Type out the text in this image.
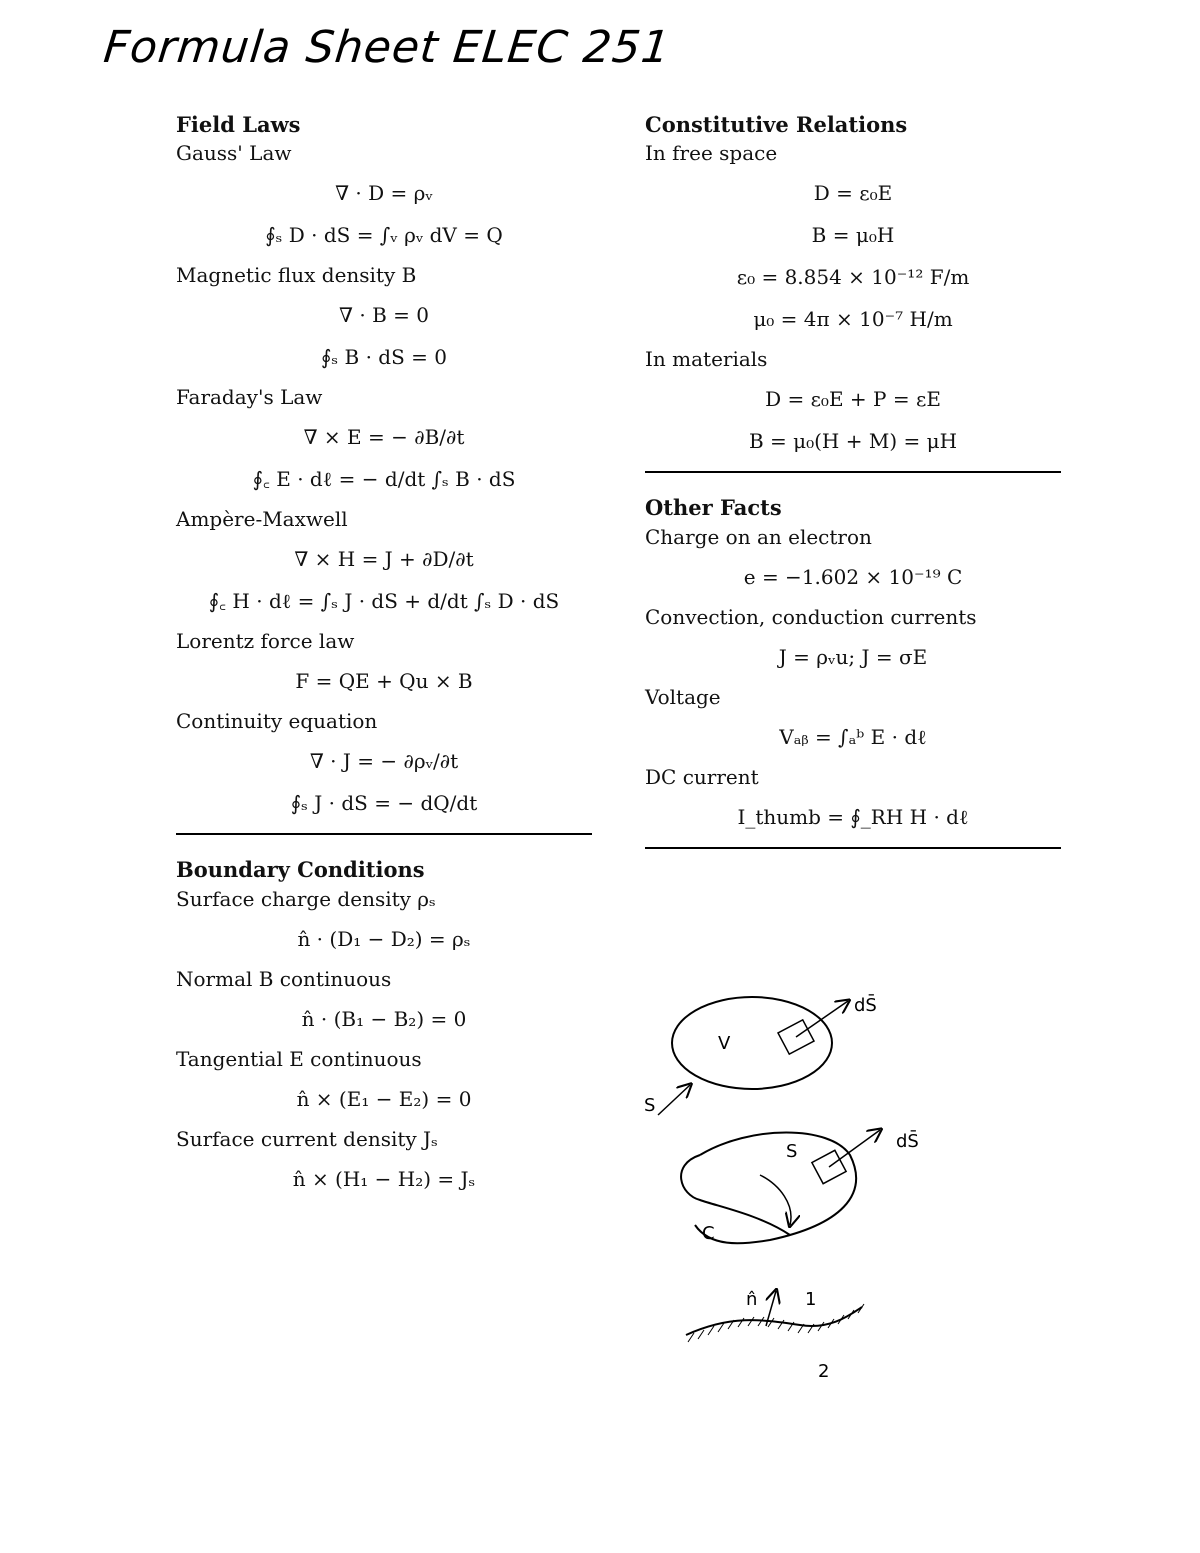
Formula Sheet ELEC 251

Field Laws

Gauss' Law

∇ · D = ρᵥ
∮ₛ D · dS = ∫ᵥ ρᵥ dV = Q

Magnetic flux density B

∇ · B = 0
∮ₛ B · dS = 0

Faraday's Law

∇ × E = − ∂B/∂t
∮꜀ E · dℓ = − d/dt ∫ₛ B · dS

Ampère-Maxwell

∇ × H = J + ∂D/∂t
∮꜀ H · dℓ = ∫ₛ J · dS + d/dt ∫ₛ D · dS

Lorentz force law

F = QE + Qu × B

Continuity equation

∇ · J = − ∂ρᵥ/∂t
∮ₛ J · dS = − dQ/dt

Boundary Conditions

Surface charge density ρₛ

n̂ · (D₁ − D₂) = ρₛ

Normal B continuous

n̂ · (B₁ − B₂) = 0

Tangential E continuous

n̂ × (E₁ − E₂) = 0

Surface current density Jₛ

n̂ × (H₁ − H₂) = Jₛ

Constitutive Relations

In free space

D = ε₀E
B = μ₀H
ε₀ = 8.854 × 10⁻¹² F/m
μ₀ = 4π × 10⁻⁷ H/m

In materials

D = ε₀E + P = εE
B = μ₀(H + M) = μH

Other Facts

Charge on an electron

e = −1.602 × 10⁻¹⁹ C

Convection, conduction currents

J = ρᵥu; J = σE

Voltage

Vₐᵦ = ∫ₐᵇ E · dℓ

DC current

I_thumb = ∮_RH H · dℓ
dS̄
V
S
dS̄
S
C
n̂	1
2
